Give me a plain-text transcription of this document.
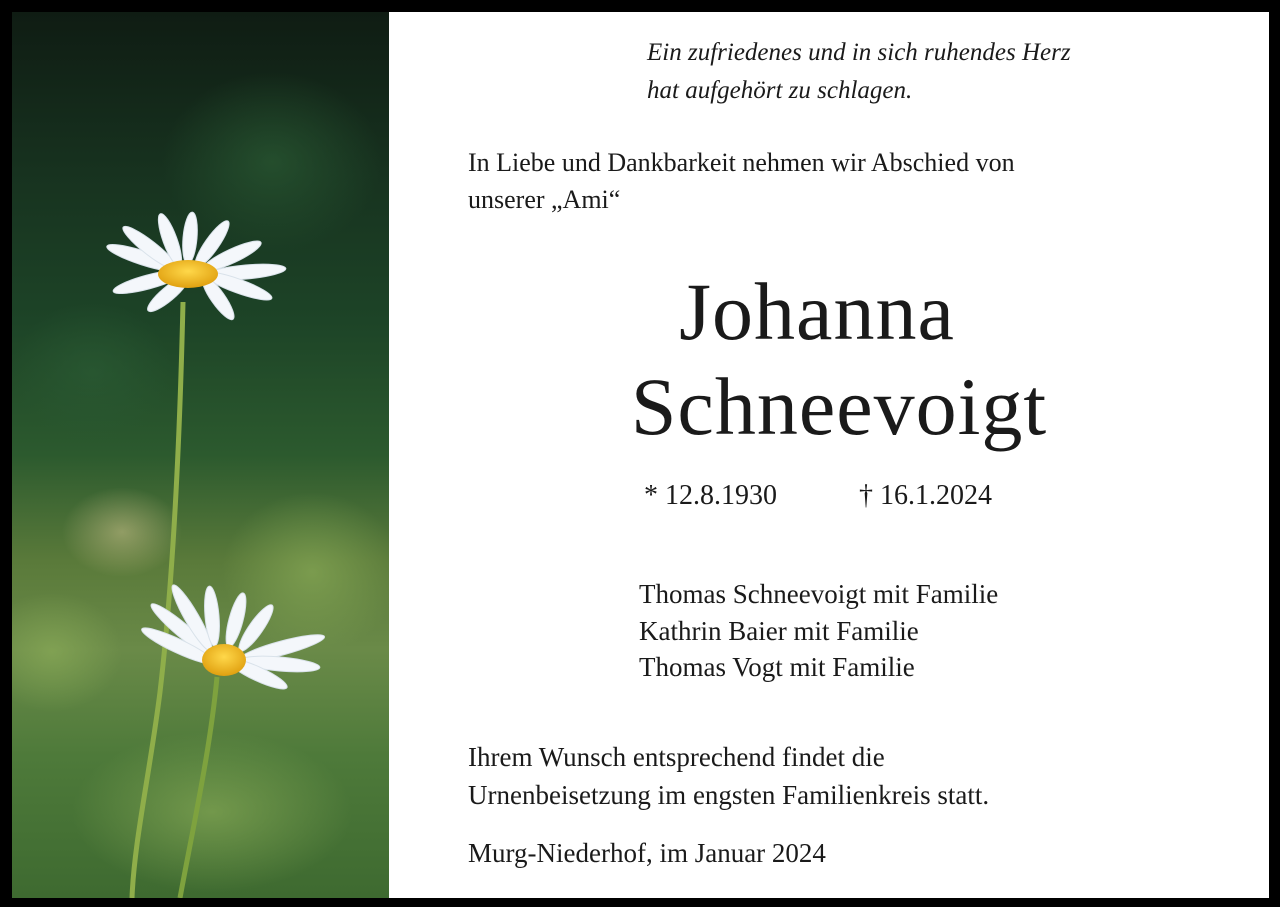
Ein zufriedenes und in sich ruhendes Herz
hat aufgehört zu schlagen.
In Liebe und Dankbarkeit nehmen wir Abschied von
unserer „Ami“
Johanna
Schneevoigt
* 12.8.1930	† 16.1.2024
Thomas Schneevoigt mit Familie
Kathrin Baier mit Familie
Thomas Vogt mit Familie
Ihrem Wunsch entsprechend findet die
Urnenbeisetzung im engsten Familienkreis statt.
Murg-Niederhof, im Januar 2024
